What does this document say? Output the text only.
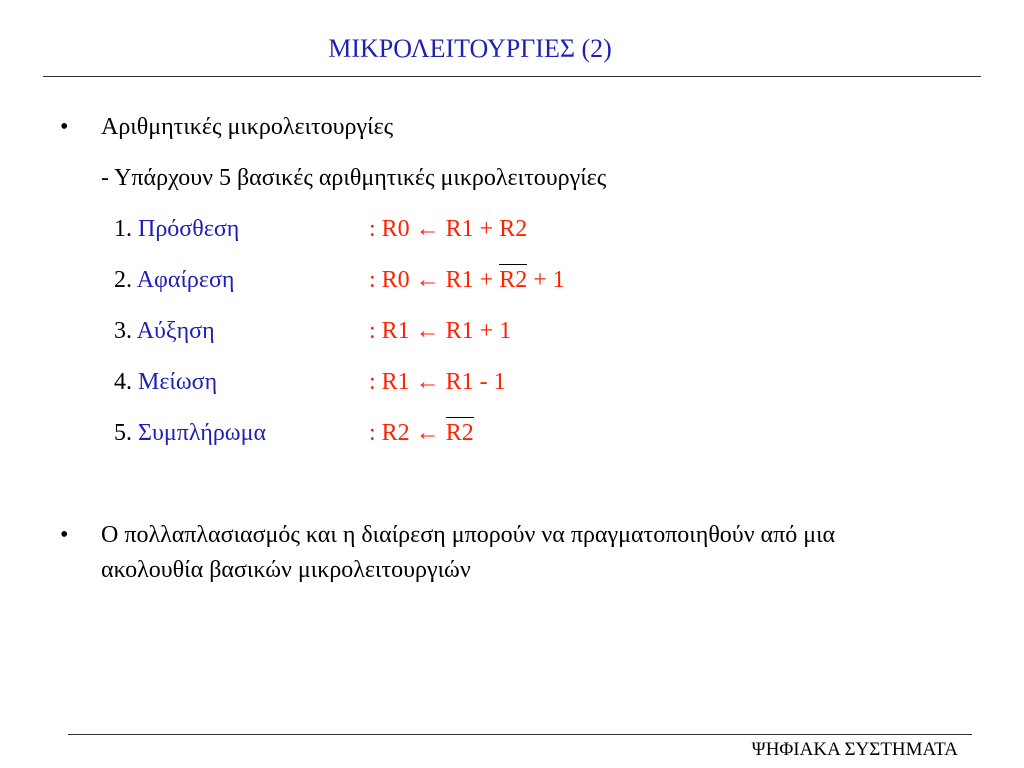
ΜΙΚΡΟΛΕΙΤΟΥΡΓΙΕΣ (2)
• Αριθμητικές μικρολειτουργίες
- Υπάρχουν 5 βασικές αριθμητικές μικρολειτουργίες
1. Πρόσθεση	: R0 ← R1 + R2
2. Αφαίρεση	: R0 ← R1 + R2 + 1
3. Αύξηση	: R1 ← R1 + 1
4. Μείωση	: R1 ← R1 - 1
5. Συμπλήρωμα	: R2 ← R2
• Ο πολλαπλασιασμός και η διαίρεση μπορούν να πραγματοποιηθούν από μια
ακολουθία βασικών μικρολειτουργιών
ΨΗΦΙΑΚΑ ΣΥΣΤΗΜΑΤΑ
